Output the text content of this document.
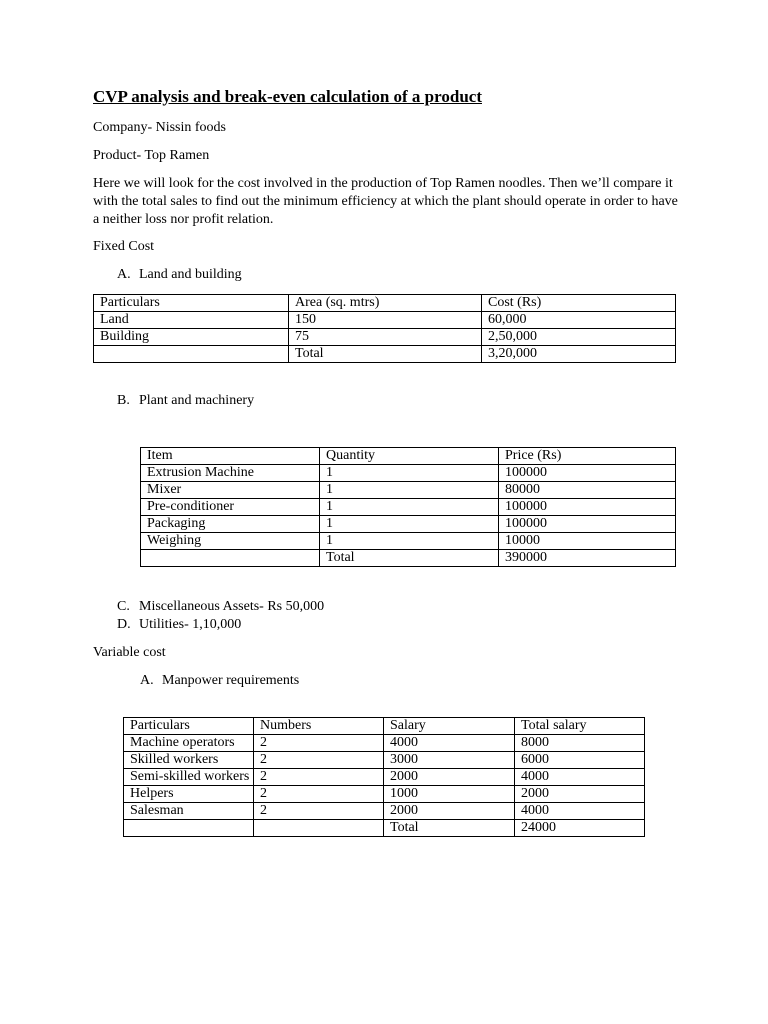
CVP analysis and break-even calculation of a product
Company- Nissin foods
Product- Top Ramen
Here we will look for the cost involved in the production of Top Ramen noodles. Then we’ll compare it with the total sales to find out the minimum efficiency at which the plant should operate in order to have a neither loss nor profit relation.
Fixed Cost
A. Land and building
Particulars	Area (sq. mtrs)	Cost (Rs)
Land	150	60,000
Building	75	2,50,000
	Total	3,20,000
B. Plant and machinery
Item	Quantity	Price (Rs)
Extrusion Machine	1	100000
Mixer	1	80000
Pre-conditioner	1	100000
Packaging	1	100000
Weighing	1	10000
	Total	390000
C. Miscellaneous Assets- Rs 50,000
D. Utilities- 1,10,000
Variable cost
A. Manpower requirements
Particulars	Numbers	Salary	Total salary
Machine operators	2	4000	8000
Skilled workers	2	3000	6000
Semi-skilled workers	2	2000	4000
Helpers	2	1000	2000
Salesman	2	2000	4000
		Total	24000
